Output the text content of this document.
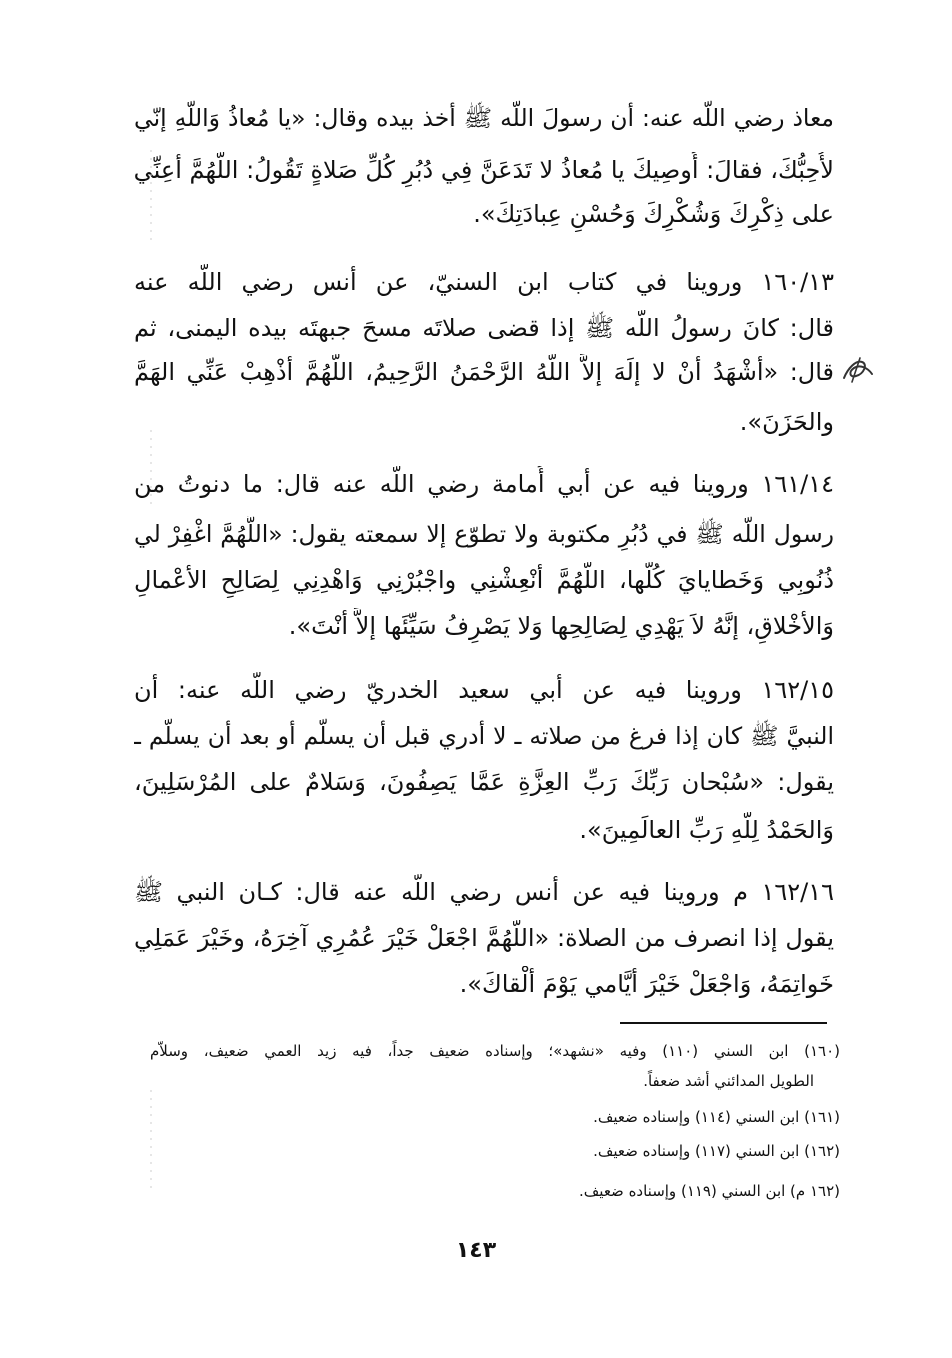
معاذ رضي اللّه عنه: أن رسولَ اللّه ﷺ أخذ بيده وقال: «يا مُعاذُ وَاللّهِ إنّي
لأُحِبُّكَ، فقالَ: أُوصِيكَ يا مُعاذُ لا تَدَعَنَّ فِي دُبُرِ كُلِّ صَلاةٍ تَقُولُ: اللَّهُمَّ أعِنِّي
على ذِكْرِكَ وَشُكْرِكَ وَحُسْنِ عِبادَتِكَ».
١٦٠/١٣ وروينا في كتاب ابن السنيّ، عن أنس رضي اللّه عنه
قال: كانَ رسولُ اللّه ﷺ إذا قضى صلاتَه مسحَ جبهتَه بيده اليمنى، ثم
قال: «أشْهَدُ أنْ لا إلَهَ إلاَّ اللّهُ الرَّحْمَنُ الرَّحِيمُ، اللَّهُمَّ أذْهِبْ عَنِّي الهَمَّ
والحَزَنَ».
١٦١/١٤ وروينا فيه عن أبي أُمامة رضي اللّه عنه قال: ما دنوتُ من
رسول اللّه ﷺ في دُبُرِ مكتوبة ولا تطوّع إلا سمعته يقول: «اللَّهُمَّ اغْفِرْ لي
ذُنُوبِي وَخَطايايَ كُلَّها، اللَّهُمَّ أنْعِشْنِي واجْبُرْنِي وَاهْدِنِي لِصَالِحِ الأعْمالِ
وَالأخْلاقِ، إنَّهُ لاَ يَهْدِي لِصَالِحِها وَلا يَصْرِفُ سَيِّئَها إلاَّ أنْتَ».
١٦٢/١٥ وروينا فيه عن أبي سعيد الخدريّ رضي اللّه عنه: أن
النبيَّ ﷺ كان إذا فرغ من صلاته ـ لا أدري قبل أن يسلّم أو بعد أن يسلّم ـ
يقول: «سُبْحان رَبِّكَ رَبِّ العِزَّةِ عَمَّا يَصِفُونَ، وَسَلامٌ على المُرْسَلِينَ،
وَالحَمْدُ لِلّهِ رَبِّ العالَمِينَ».
١٦٢/١٦ م وروينا فيه عن أنس رضي اللّه عنه قال: كـان النبي ﷺ
يقول إذا انصرف من الصلاة: «اللَّهُمَّ اجْعَلْ خَيْرَ عُمُرِي آخِرَهُ، وخَيْرَ عَمَلِي
خَواتِمَهُ، وَاجْعَلْ خَيْرَ أيَّامي يَوْمَ ألْقاكَ».
(١٦٠) ابن السني (١١٠) وفيه «نشهد»؛ وإسناده ضعيف جداً، فيه زيد العمي ضعيف، وسلاّم
الطويل المدائني أشد ضعفاً.
(١٦١) ابن السني (١١٤) وإسناده ضعيف.
(١٦٢) ابن السني (١١٧) وإسناده ضعيف.
(١٦٢ م) ابن السني (١١٩) وإسناده ضعيف.
١٤٣
